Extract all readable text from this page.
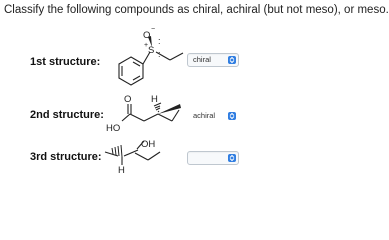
Classify the following compounds as chiral, achiral (but not meso), or meso.
1st structure:
2nd structure:
3rd structure:
O
−
S
+ :
:
O
HO
H
OH
H
chiral
achiral
